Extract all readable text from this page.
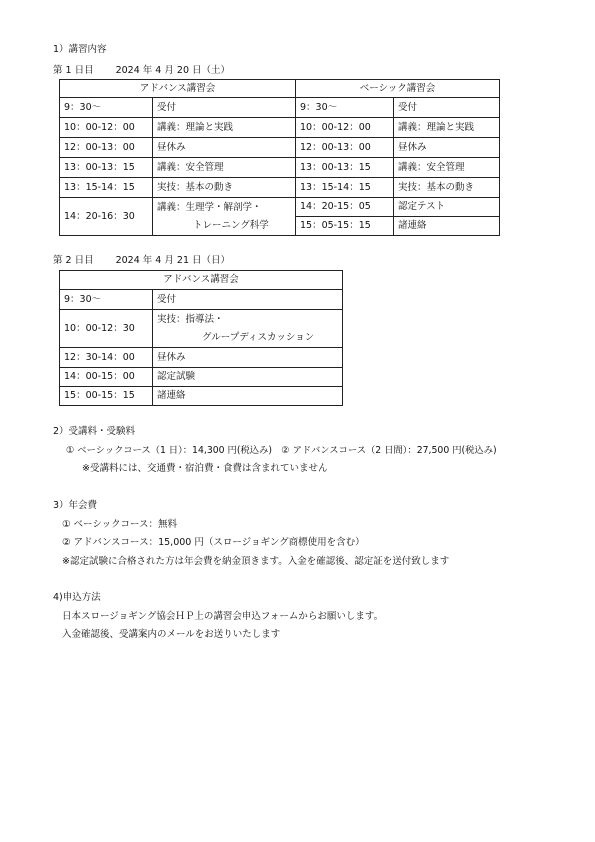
1）講習内容
第 1 日目 2024 年 4 月 20 日（土）
アドバンス講習会	
9：30～	受付
10：00-12：00	講義：理論と実践
12：00-13：00	昼休み
13：00-13：15	講義：安全管理
13：15-14：15	実技：基本の動き
14：20-16：30	講義：生理学・解剖学・
トレーニング科学
ベーシック講習会	
9：30～	受付
10：00-12：00	講義：理論と実践
12：00-13：00	昼休み
13：00-13：15	講義：安全管理
13：15-14：15	実技：基本の動き
14：20-15：05	認定テスト
15：05-15：15	諸連絡
第 2 日目 2024 年 4 月 21 日（日）
アドバンス講習会	
9：30～	受付
10：00-12：30	実技：指導法・
グループディスカッション

12：30-14：00	昼休み
14：00-15：00	認定試験
15：00-15：15	諸連絡
2）受講料・受験料
① ベーシックコース（1 日）：14,300 円(税込み)　② アドバンスコース（2 日間）：27,500 円(税込み)
※受講料には、交通費・宿泊費・食費は含まれていません
3）年会費
① ベーシックコース：無料
② アドバンスコース：15,000 円（スロージョギング商標使用を含む）
※認定試験に合格された方は年会費を納金頂きます。入金を確認後、認定証を送付致します
4)申込方法
日本スロージョギング協会ＨＰ上の講習会申込フォームからお願いします。
入金確認後、受講案内のメールをお送りいたします
